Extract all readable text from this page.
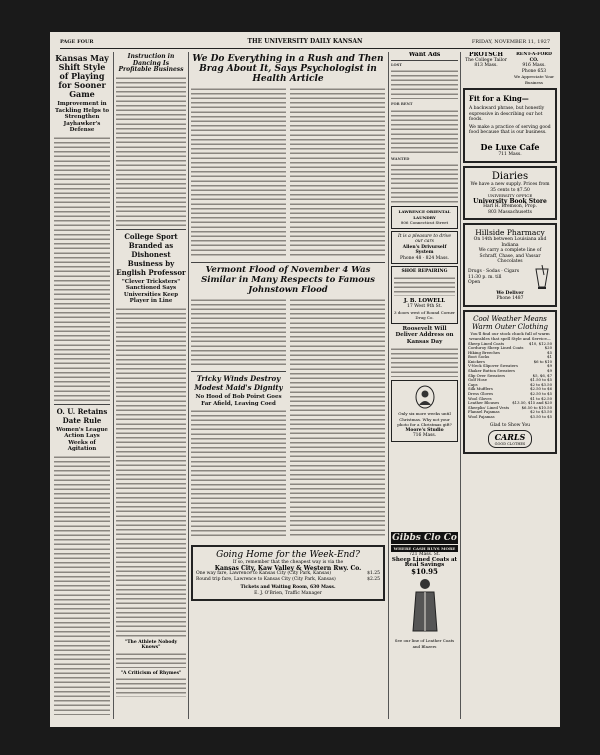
PAGE FOUR	THE UNIVERSITY DAILY KANSAN	FRIDAY, NOVEMBER 11, 1927
Kansas May Shift Style of Playing for Sooner Game
Improvement in Tackling Helps to Strengthen Jayhawker's Defense
O. U. Retains Date Rule
Women's League Action Lays Weeks of Agitation
Instruction in Dancing Is Profitable Business
College Sport Branded as Dishonest Business by English Professor
"Clever Tricksters" Sanctioned Says Universities Keep Player in Line
"The Athlete Nobody Knows"
"A Criticism of Rhymes"
We Do Everything in a Rush and Then Brag About It, Says Psychologist in Health Article
Vermont Flood of November 4 Was Similar in Many Respects to Famous Johnstown Flood
Tricky Winds Destroy Modest Maid's Dignity
No Hood of Bob Poirst Goes Far Afield, Leaving Coed
Going Home for the Week-End?
If so, remember that the cheapest way is via the
Kansas City, Kaw Valley & Western Rwy. Co.
One way fare, Lawrence to Kansas City (City Park, Kansas)	$1.25
Round trip fare, Lawrence to Kansas City (City Park, Kansas)	$2.25
Tickets and Waiting Room, 630 Mass.
E. J. O'Brien, Traffic Manager
Want Ads
LOST
FOR RENT
WANTED
LAWRENCE ORIENTAL LAUNDRY
806 Connecticut Street
It is a pleasure to drive our cars
Allen's Drivurself System
Phone 48 · 824 Mass.
SHOE REPAIRING
J. B. LOWELL
17 West 9th St.
3 doors west of Round Corner Drug Co.
Roosevelt Will Deliver Address on Kansas Day
Only six more weeks until Christmas. Why not your photo for a Christmas gift?
Moore's Studio
716 Mass.
Gibbs Clo Co
WHERE CASH BUYS MORE
721 Mass. St.
Sheep Lined Coats at Real Savings
$10.95
See our line of Leather Coats and Blazers
PROTSCH
The College Tailor
813 Mass.
RENT-A-FORD CO.
916 Mass.
Phone 653
We Appreciate Your Business
Fit for a King—
A backward phrase, but honestly expressive in describing our hot foods.
We make a practice of serving good food because that is our business.
De Luxe Cafe
711 Mass.
Diaries
We have a new supply. Prices from 35 cents to $7.50
UNIVERSITY OFFICE
University Book Store
Harl H. Bremson, Prop.
803 Massachusetts
Hillside Pharmacy
On 14th between Louisiana and Indiana
We carry a complete line of
Schraff, Chase, and Vassar Chocolates
Drugs · Sodas · Cigars
11:30 p. m. till
Open
We Deliver
Phone 1487
Cool Weather Means Warm Outer Clothing
You'll find our stock chuck full of warm wearables that spell Style and Service—
Sheep Lined Coats	$10, $12.50
Corduroy Sheep Lined Coats	$20
Hiking Breeches	$5
Boot Socks	$1
Knickers	$6 to $10
V-Neck Slipover Sweaters	$9
Shaker Button Sweaters	$9
Slip Over Sweaters	$5, $6, $7
Golf Hose	$1.50 to $5
Caps	$2 to $3.50
Silk Mufflers	$2.50 to $6
Dress Gloves	$2.50 to $5
Wool Gloves	$1 to $2.50
Leather Blouses	$13.50, $15 and $20
Sheeplin' Lined Vests	$6.50 to $10.50
Flannel Pajamas	$2 to $3.50
Wool Pajamas	$3.50 to $5
Glad to Show You
CARLS
GOOD CLOTHES
